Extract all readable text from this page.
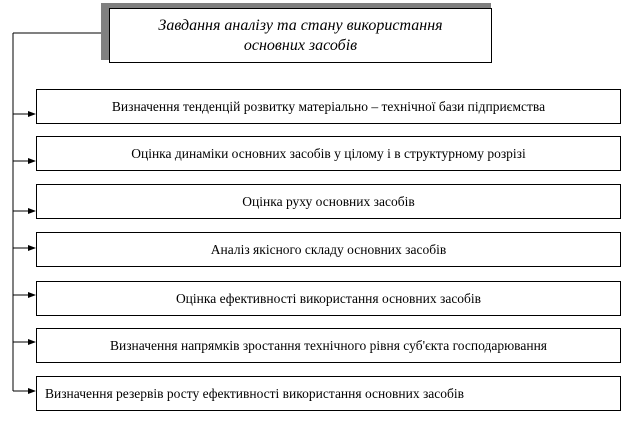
Завдання аналізу та стану використання
основних засобів
Визначення тенденцій розвитку матеріально – технічної бази підприємства
Оцінка динаміки основних засобів у цілому і в структурному розрізі
Оцінка руху основних засобів
Аналіз якісного складу основних засобів
Оцінка ефективності використання основних засобів
Визначення напрямків зростання технічного рівня суб'єкта господарювання
Визначення резервів росту ефективності використання основних засобів
